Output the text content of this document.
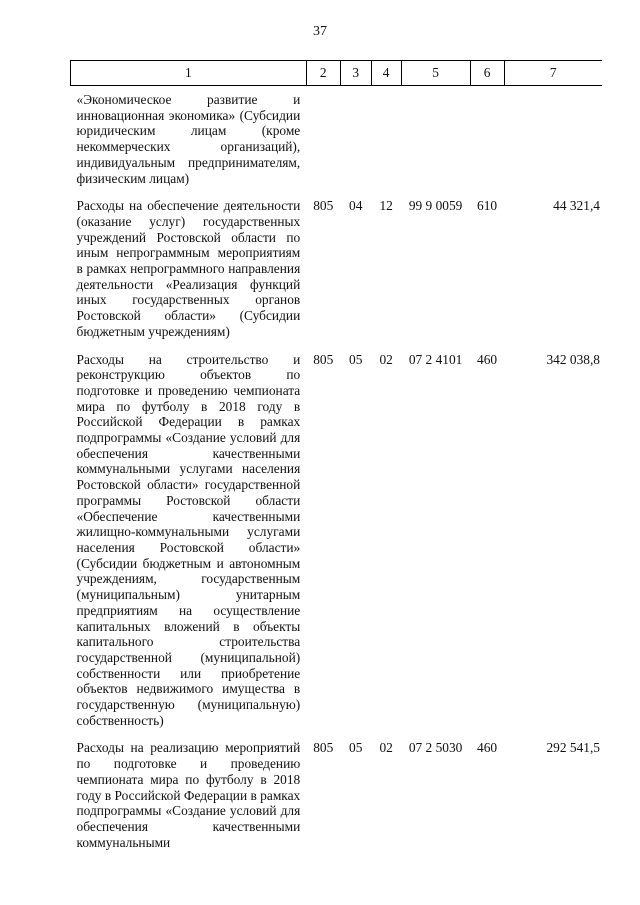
37
1	2	3	4	5	6	7
«Экономическое развитие и инновационная экономика» (Субсидии юридическим лицам (кроме некоммерческих организаций), индивидуальным предпринимателям, физическим лицам)						
Расходы на обеспечение деятельности (оказание услуг) государственных учреждений Ростовской области по иным непрограммным мероприятиям в рамках непрограммного направления деятельности «Реализация функций иных государственных органов Ростовской области» (Субсидии бюджетным учреждениям)	805	04	12	99 9 0059	610	44 321,4
Расходы на строительство и реконструкцию объектов по подготовке и проведению чемпионата мира по футболу в 2018 году в Российской Федерации в рамках подпрограммы «Создание условий для обеспечения качественными коммунальными услугами населения Ростовской области» государственной программы Ростовской области «Обеспечение качественными жилищно-коммунальными услугами населения Ростовской области» (Субсидии бюджетным и автономным учреждениям, государственным (муниципальным) унитарным предприятиям на осуществление капитальных вложений в объекты капитального строительства государственной (муниципальной) собственности или приобретение объектов недвижимого имущества в государственную (муниципальную) собственность)	805	05	02	07 2 4101	460	342 038,8
Расходы на реализацию мероприятий по подготовке и проведению чемпионата мира по футболу в 2018 году в Российской Федерации в рамках подпрограммы «Создание условий для обеспечения качественными коммунальными	805	05	02	07 2 5030	460	292 541,5
